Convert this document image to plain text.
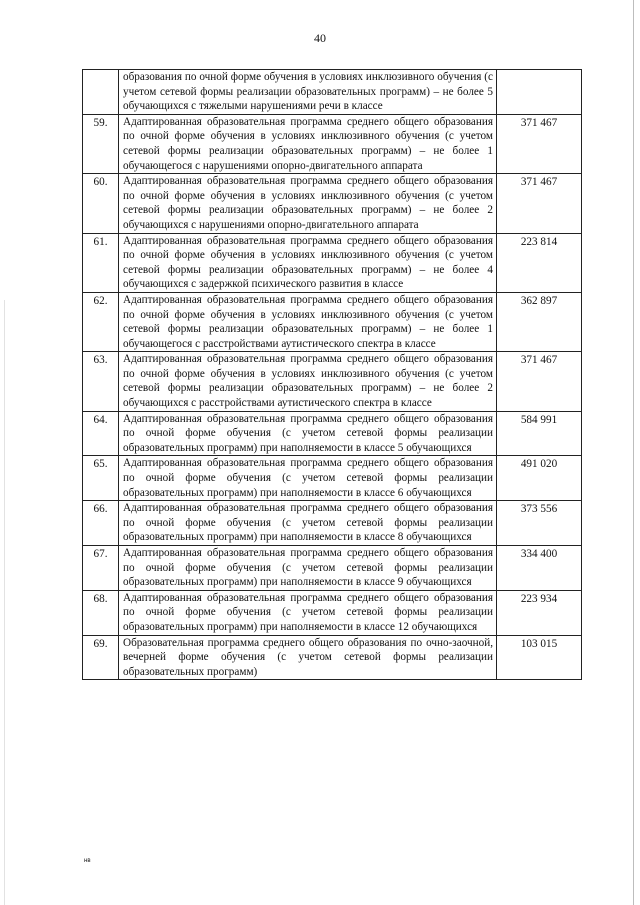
40
	образования по очной форме обучения в условиях инклюзивного обучения (с учетом сетевой формы реализации образовательных программ) – не более 5 обучающихся с тяжелыми нарушениями речи в классе	
59.	Адаптированная образовательная программа среднего общего образования по очной форме обучения в условиях инклюзивного обучения (с учетом сетевой формы реализации образовательных программ) – не более 1 обучающегося с нарушениями опорно-двигательного аппарата	371 467
60.	Адаптированная образовательная программа среднего общего образования по очной форме обучения в условиях инклюзивного обучения (с учетом сетевой формы реализации образовательных программ) – не более 2 обучающихся с нарушениями опорно-двигательного аппарата	371 467
61.	Адаптированная образовательная программа среднего общего образования по очной форме обучения в условиях инклюзивного обучения (с учетом сетевой формы реализации образовательных программ) – не более 4 обучающихся с задержкой психического развития в классе	223 814
62.	Адаптированная образовательная программа среднего общего образования по очной форме обучения в условиях инклюзивного обучения (с учетом сетевой формы реализации образовательных программ) – не более 1 обучающегося с расстройствами аутистического спектра в классе	362 897
63.	Адаптированная образовательная программа среднего общего образования по очной форме обучения в условиях инклюзивного обучения (с учетом сетевой формы реализации образовательных программ) – не более 2 обучающихся с расстройствами аутистического спектра в классе	371 467
64.	Адаптированная образовательная программа среднего общего образования по очной форме обучения (с учетом сетевой формы реализации образовательных программ) при наполняемости в классе 5 обучающихся	584 991
65.	Адаптированная образовательная программа среднего общего образования по очной форме обучения (с учетом сетевой формы реализации образовательных программ) при наполняемости в классе 6 обучающихся	491 020
66.	Адаптированная образовательная программа среднего общего образования по очной форме обучения (с учетом сетевой формы реализации образовательных программ) при наполняемости в классе 8 обучающихся	373 556
67.	Адаптированная образовательная программа среднего общего образования по очной форме обучения (с учетом сетевой формы реализации образовательных программ) при наполняемости в классе 9 обучающихся	334 400
68.	Адаптированная образовательная программа среднего общего образования по очной форме обучения (с учетом сетевой формы реализации образовательных программ) при наполняемости в классе 12 обучающихся	223 934
69.	Образовательная программа среднего общего образования по очно-заочной, вечерней форме обучения (с учетом сетевой формы реализации образовательных программ)	103 015
нв
